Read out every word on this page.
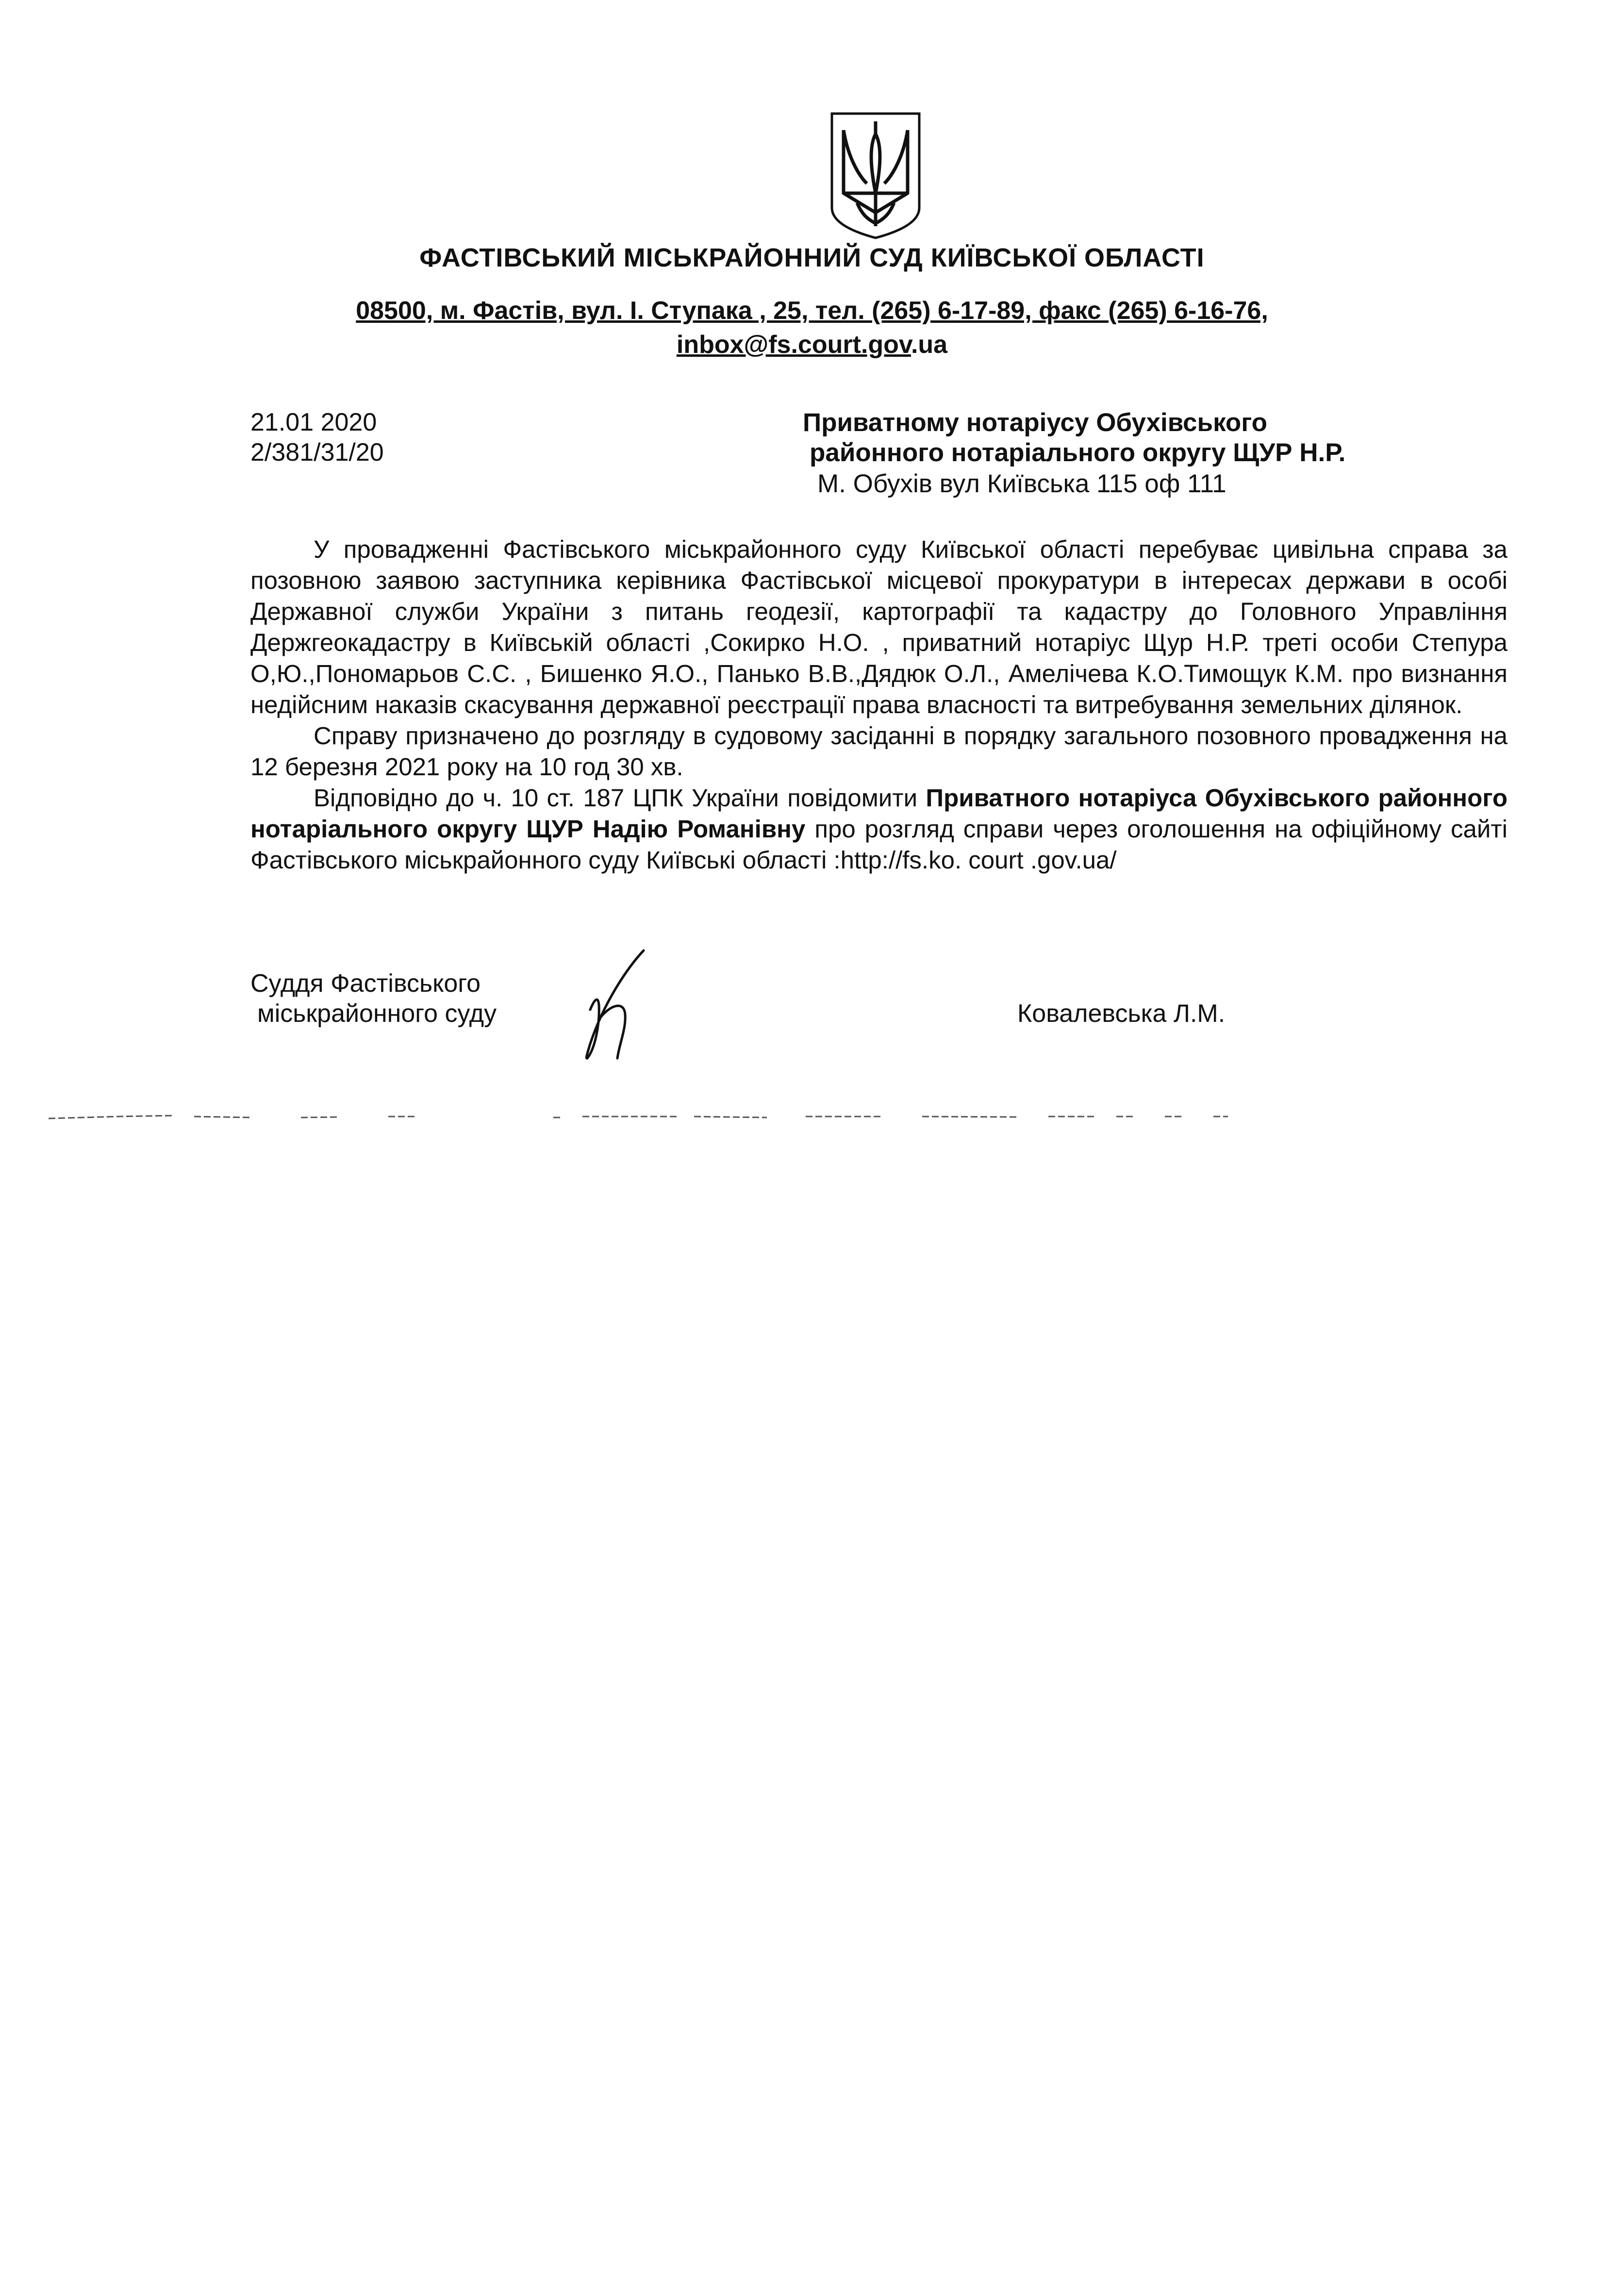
ФАСТІВСЬКИЙ МІСЬКРАЙОННИЙ СУД КИЇВСЬКОЇ ОБЛАСТІ
08500, м. Фастів, вул. І. Ступака , 25, тел. (265) 6-17-89, факс (265) 6-16-76,
inbox@fs.court.gov.ua
21.01 2020
2/381/31/20
Приватному нотаріусу Обухівського
районного нотаріального округу ЩУР Н.Р.
М. Обухів вул Київська 115 оф 111

У провадженні Фастівського міськрайонного суду Київської області перебуває цивільна справа за позовною заявою заступника керівника Фастівської місцевої прокуратури в інтересах держави в особі Державної служби України з питань геодезії, картографії та кадастру до Головного Управління Держгеокадастру в Київській області ,Сокирко Н.О. , приватний нотаріус Щур Н.Р. треті особи Степура О,Ю.,Пономарьов С.С. , Бишенко Я.О., Панько В.В.,Дядюк О.Л., Амелічева К.О.Тимощук К.М. про визнання недійсним наказів скасування державної реєстрації права власності та витребування земельних ділянок.

Справу призначено до розгляду в судовому засіданні в порядку загального позовного провадження на 12 березня 2021 року на 10 год 30 хв.

Відповідно до ч. 10 ст. 187 ЦПК України повідомити Приватного нотаріуса Обухівського районного нотаріального округу ЩУР Надію Романівну про розгляд справи через оголошення на офіційному сайті Фастівського міськрайонного суду Київські області :http://fs.ko. court .gov.ua/

Суддя Фастівського
міськрайонного суду	Ковалевська Л.М.
